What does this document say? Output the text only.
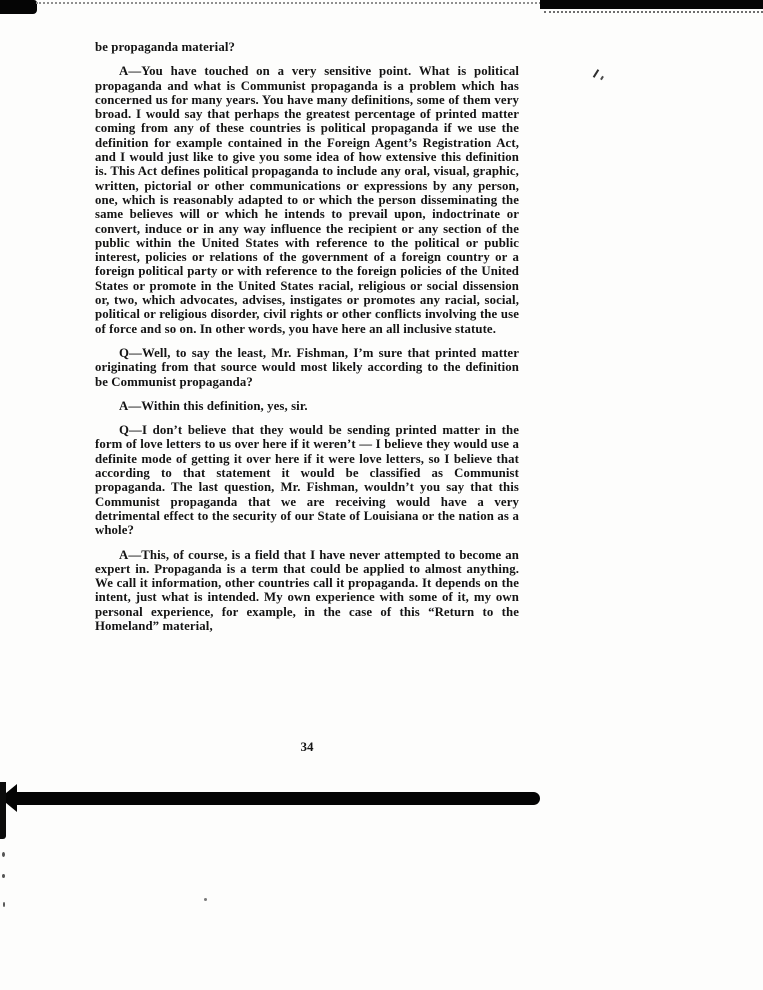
be propaganda material?

A—You have touched on a very sensitive point. What is political propaganda and what is Communist propaganda is a problem which has concerned us for many years. You have many definitions, some of them very broad. I would say that perhaps the greatest percentage of printed matter coming from any of these countries is political propaganda if we use the definition for example contained in the Foreign Agent’s Registration Act, and I would just like to give you some idea of how extensive this definition is. This Act defines political propaganda to include any oral, visual, graphic, written, pictorial or other communications or expressions by any person, one, which is reasonably adapted to or which the person disseminating the same believes will or which he intends to prevail upon, indoctrinate or convert, induce or in any way influence the recipient or any section of the public within the United States with reference to the political or public interest, policies or relations of the government of a foreign country or a foreign political party or with reference to the foreign policies of the United States or promote in the United States racial, religious or social dissension or, two, which advocates, advises, instigates or promotes any racial, social, political or religious disorder, civil rights or other conflicts involving the use of force and so on. In other words, you have here an all inclusive statute.

Q—Well, to say the least, Mr. Fishman, I’m sure that printed matter originating from that source would most likely according to the definition be Communist propaganda?

A—Within this definition, yes, sir.

Q—I don’t believe that they would be sending printed matter in the form of love letters to us over here if it weren’t — I believe they would use a definite mode of getting it over here if it were love letters, so I believe that according to that statement it would be classified as Communist propaganda. The last question, Mr. Fishman, wouldn’t you say that this Communist propaganda that we are receiving would have a very detrimental effect to the security of our State of Louisiana or the nation as a whole?

A—This, of course, is a field that I have never attempted to become an expert in. Propaganda is a term that could be applied to almost anything. We call it information, other countries call it propaganda. It depends on the intent, just what is intended. My own experience with some of it, my own personal experience, for example, in the case of this “Return to the Homeland” material,

34
